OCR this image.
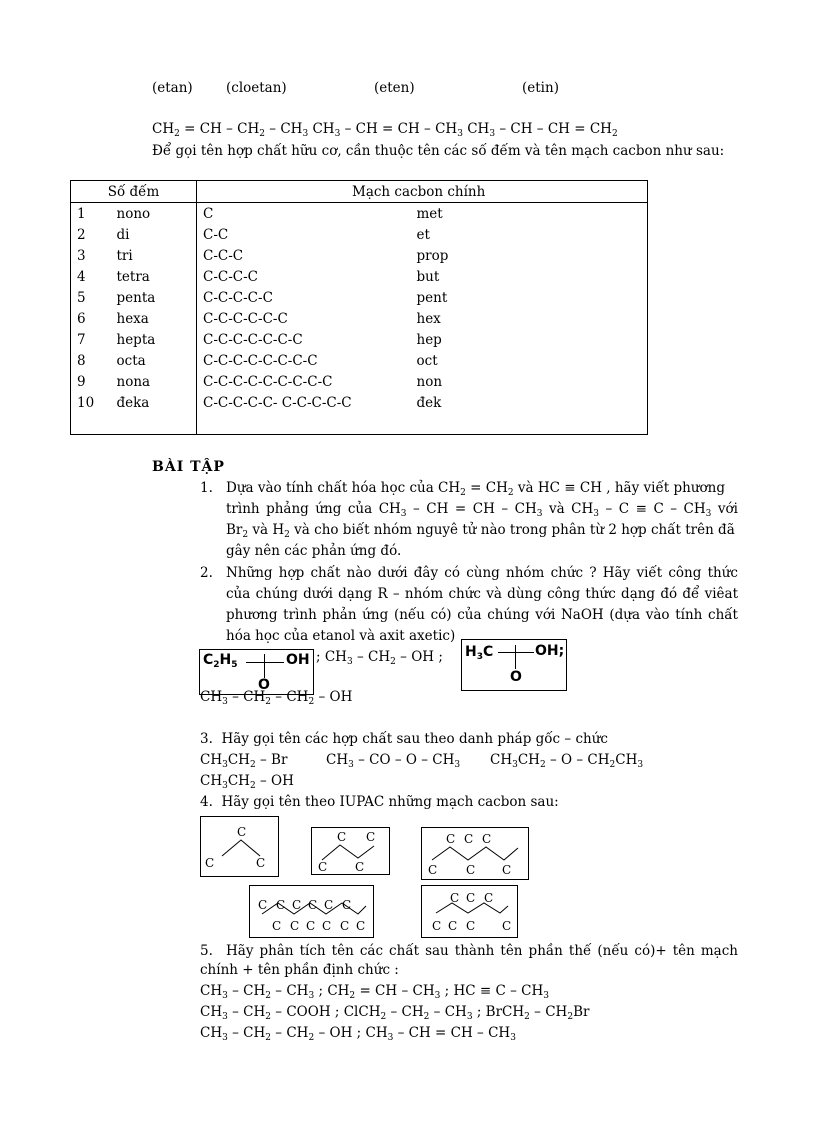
(etan) (cloetan)	(eten)	(etin)
$CH_2$ = CH – $CH_2 - CH_3$ $CH_3$ – CH = CH – $CH_3$ $CH_3$ – CH – CH = $CH_2$
Để gọi tên hợp chất hữu cơ, cần thuộc tên các số đếm và tên mạch cacbon như sau:
Số đếm		Mạch cacbon chính	
1	nono	C	met
2	di	C-C	et
3	tri	C-C-C	prop
4	tetra	C-C-C-C	but
5	penta	C-C-C-C-C	pent
6	hexa	C-C-C-C-C-C	hex
7	hepta	C-C-C-C-C-C-C	hep
8	octa	C-C-C-C-C-C-C-C	oct
9	nona	C-C-C-C-C-C-C-C-C	non
10	đeka	C-C-C-C-C- C-C-C-C-C	đek

BÀI TẬP
1. Dựa vào tính chất hóa học của $CH_2 = CH_2$ và HC ≡ CH , hãy viết phương
trình phảng ứng của $CH_3$ – CH = CH – $CH_3$ và $CH_3 - C \equiv C - CH_3$ với
$Br_2$ và $H_2$ và cho biết nhóm nguyê tử nào trong phân từ 2 hợp chất trên đã
gây nên các phản ứng đó.
2. Những hợp chất nào dưới đây có cùng nhóm chức ? Hãy viết công thức
của chúng dưới dạng R – nhóm chức và dùng công thức dạng đó để viêat
phương trình phản ứng (nếu có) của chúng với NaOH (dựa vào tính chất
hóa học của etanol và axit axetic)
$C_2H_5$	OH
O
; $CH_3 - CH_2$ – OH ; $H_3C$	OH;
O
$CH_3 - CH_2 - CH_2$ – OH
3. Hãy gọi tên các hợp chất sau theo danh pháp gốc – chức
$CH_3CH_2$ – Br	$CH_3$ – CO – O – $CH_3$ $CH_3CH_2$ – O – $CH_2CH_3$
$CH_3CH_2$ – OH
4. Hãy gọi tên theo IUPAC những mạch cacbon sau:
C
C	C
C C
C C
C C C
C C C
C C C C C C
C C C C C C
C C C
C C C C
5. Hãy phân tích tên các chất sau thành tên phần thế (nếu có)+ tên mạch
chính + tên phần định chức :
$CH_3 - CH_2 - CH_3$ ; $CH_2$ = CH – $CH_3$ ; HC ≡ C – $CH_3$
$CH_3 - CH_2$ – COOH ; ClCH$_2$ – $CH_2 - CH_3$ ; BrCH$_2$ – $CH_2Br$
$CH_3 - CH_2 - CH_2$ – OH ; $CH_3$ – CH = CH – $CH_3$
